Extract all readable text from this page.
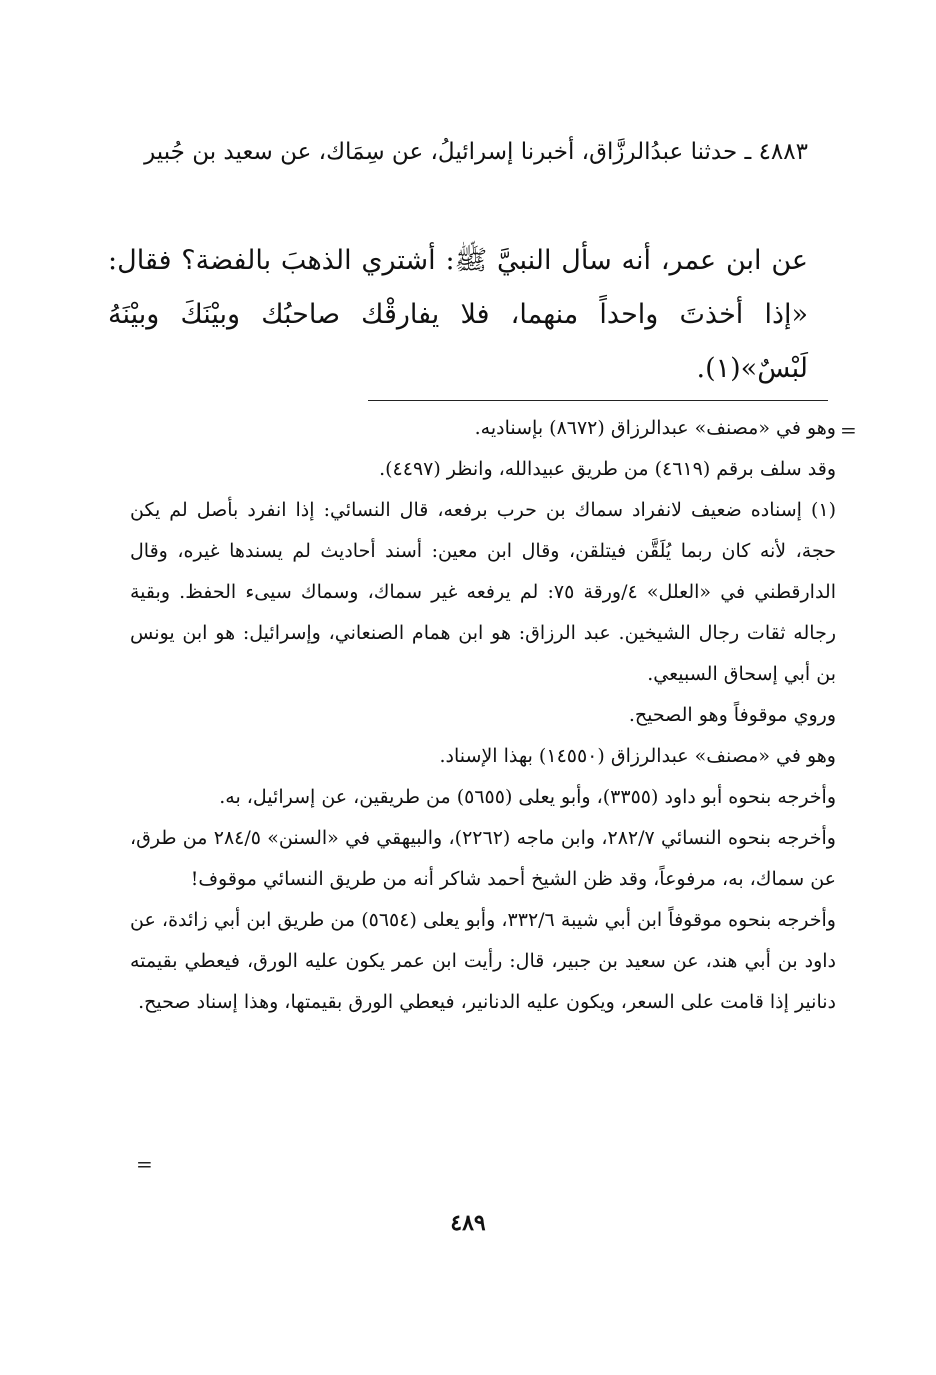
٤٨٨٣ ـ حدثنا عبدُالرزَّاق، أخبرنا إسرائيلُ، عن سِمَاك، عن سعيد بن جُبير

عن ابن عمر، أنه سأل النبيَّ ﷺ: أشتري الذهبَ بالفضة؟ فقال: «إذا أخذتَ واحداً منهما، فلا يفارقْك صاحبُك وبيْنَكَ وبيْنَهُ لَبْسٌ»(١).

=

وهو في «مصنف» عبدالرزاق (٨٦٧٢) بإسناديه.

وقد سلف برقم (٤٦١٩) من طريق عبيدالله، وانظر (٤٤٩٧).

(١) إسناده ضعيف لانفراد سماك بن حرب برفعه، قال النسائي: إذا انفرد بأصل لم يكن حجة، لأنه كان ربما يُلَقَّن فيتلقن، وقال ابن معين: أسند أحاديث لم يسندها غيره، وقال الدارقطني في «العلل» ٤/ورقة ٧٥: لم يرفعه غير سماك، وسماك سيىء الحفظ. وبقية رجاله ثقات رجال الشيخين. عبد الرزاق: هو ابن همام الصنعاني، وإسرائيل: هو ابن يونس بن أبي إسحاق السبيعي.

وروي موقوفاً وهو الصحيح.

وهو في «مصنف» عبدالرزاق (١٤٥٥٠) بهذا الإسناد.

وأخرجه بنحوه أبو داود (٣٣٥٥)، وأبو يعلى (٥٦٥٥) من طريقين، عن إسرائيل، به.

وأخرجه بنحوه النسائي ٢٨٢/٧، وابن ماجه (٢٢٦٢)، والبيهقي في «السنن» ٢٨٤/٥ من طرق، عن سماك، به، مرفوعاً، وقد ظن الشيخ أحمد شاكر أنه من طريق النسائي موقوف!

وأخرجه بنحوه موقوفاً ابن أبي شيبة ٣٣٢/٦، وأبو يعلى (٥٦٥٤) من طريق ابن أبي زائدة، عن داود بن أبي هند، عن سعيد بن جبير، قال: رأيت ابن عمر يكون عليه الورق، فيعطي بقيمته دنانير إذا قامت على السعر، ويكون عليه الدنانير، فيعطي الورق بقيمتها، وهذا إسناد صحيح.

=

٤٨٩
